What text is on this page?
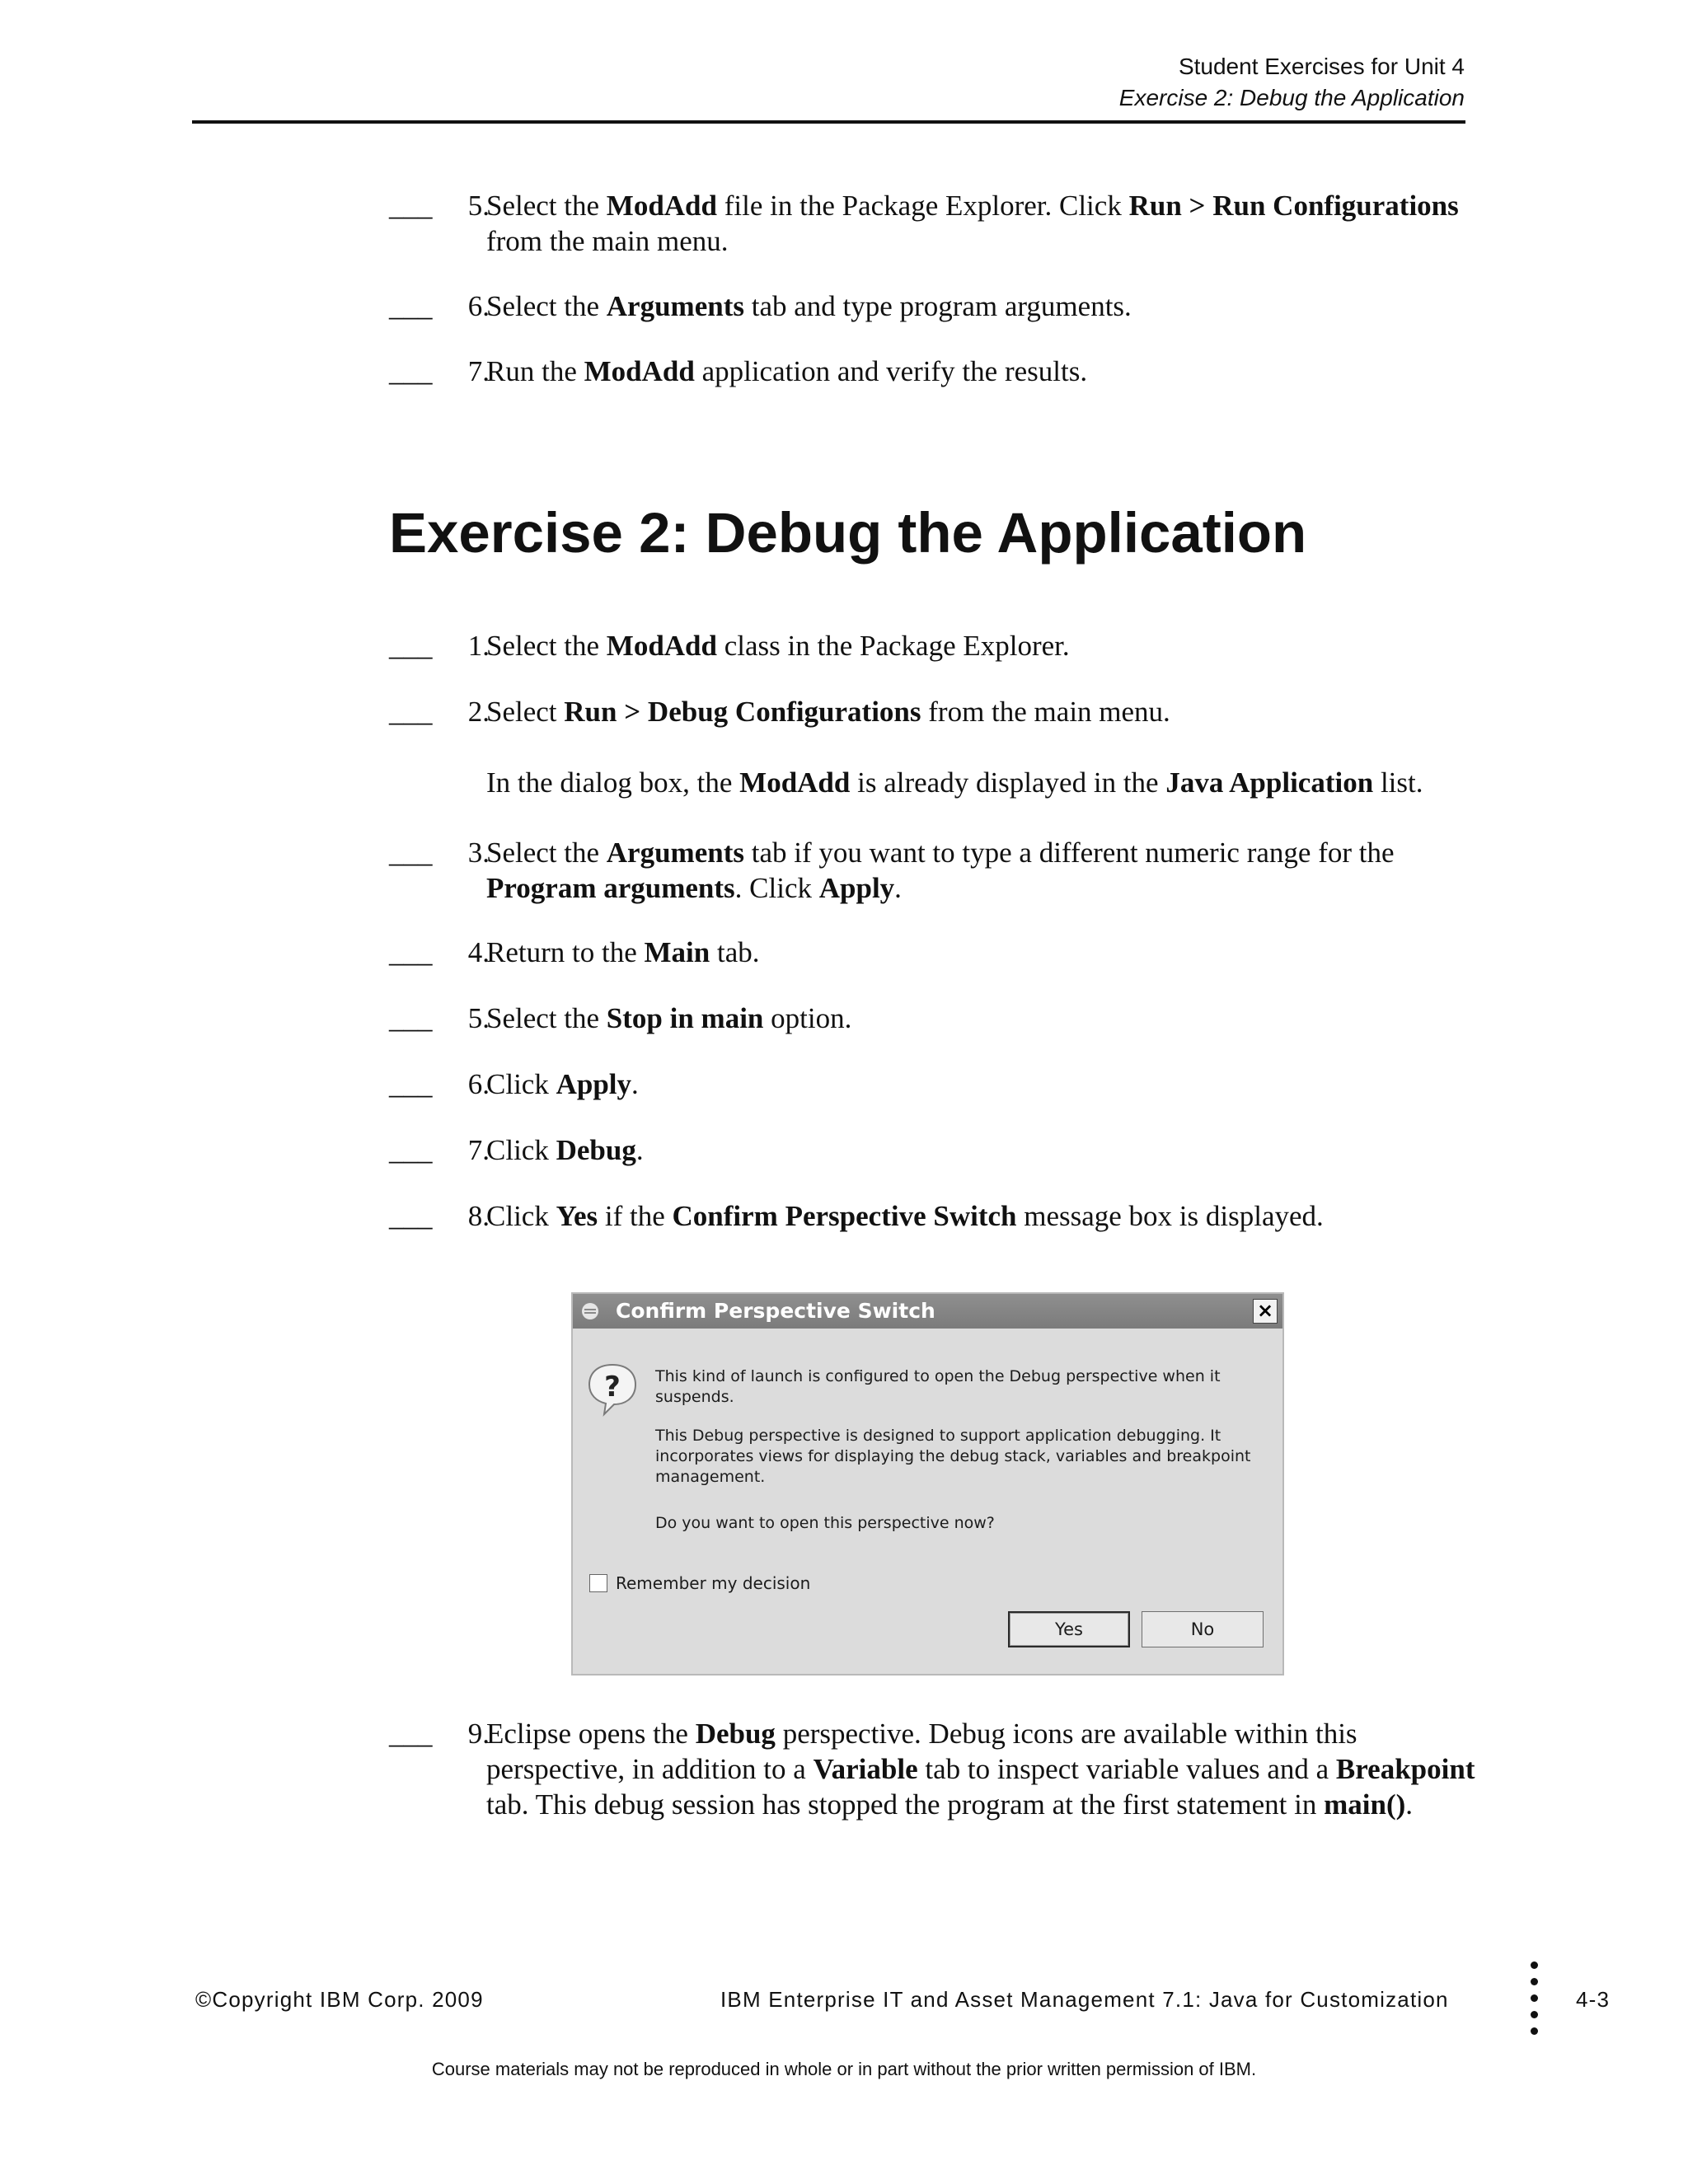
Student Exercises for Unit 4
Exercise 2: Debug the Application
___	5.
Select the ModAdd file in the Package Explorer. Click Run > Run Configurations from the main menu.
___	6.
Select the Arguments tab and type program arguments.
___	7.
Run the ModAdd application and verify the results.
Exercise 2: Debug the Application
___	1.
Select the ModAdd class in the Package Explorer.
___	2.
Select Run > Debug Configurations from the main menu.
In the dialog box, the ModAdd is already displayed in the Java Application list.
___	3.
Select the Arguments tab if you want to type a different numeric range for the Program arguments. Click Apply.
___	4.
Return to the Main tab.
___	5.
Select the Stop in main option.
___	6.
Click Apply.
___	7.
Click Debug.
___	8.
Click Yes if the Confirm Perspective Switch message box is displayed.
___	9.
Eclipse opens the Debug perspective. Debug icons are available within this perspective, in addition to a Variable tab to inspect variable values and a Breakpoint tab. This debug session has stopped the program at the first statement in main().
Confirm Perspective Switch	×
? This kind of launch is configured to open the Debug perspective when it suspends.
This Debug perspective is designed to support application debugging. It incorporates views for displaying the debug stack, variables and breakpoint management.
Do you want to open this perspective now?
Remember my decision
Yes	No
©Copyright IBM Corp. 2009	IBM Enterprise IT and Asset Management 7.1: Java for Customization	4-3
Course materials may not be reproduced in whole or in part without the prior written permission of IBM.
